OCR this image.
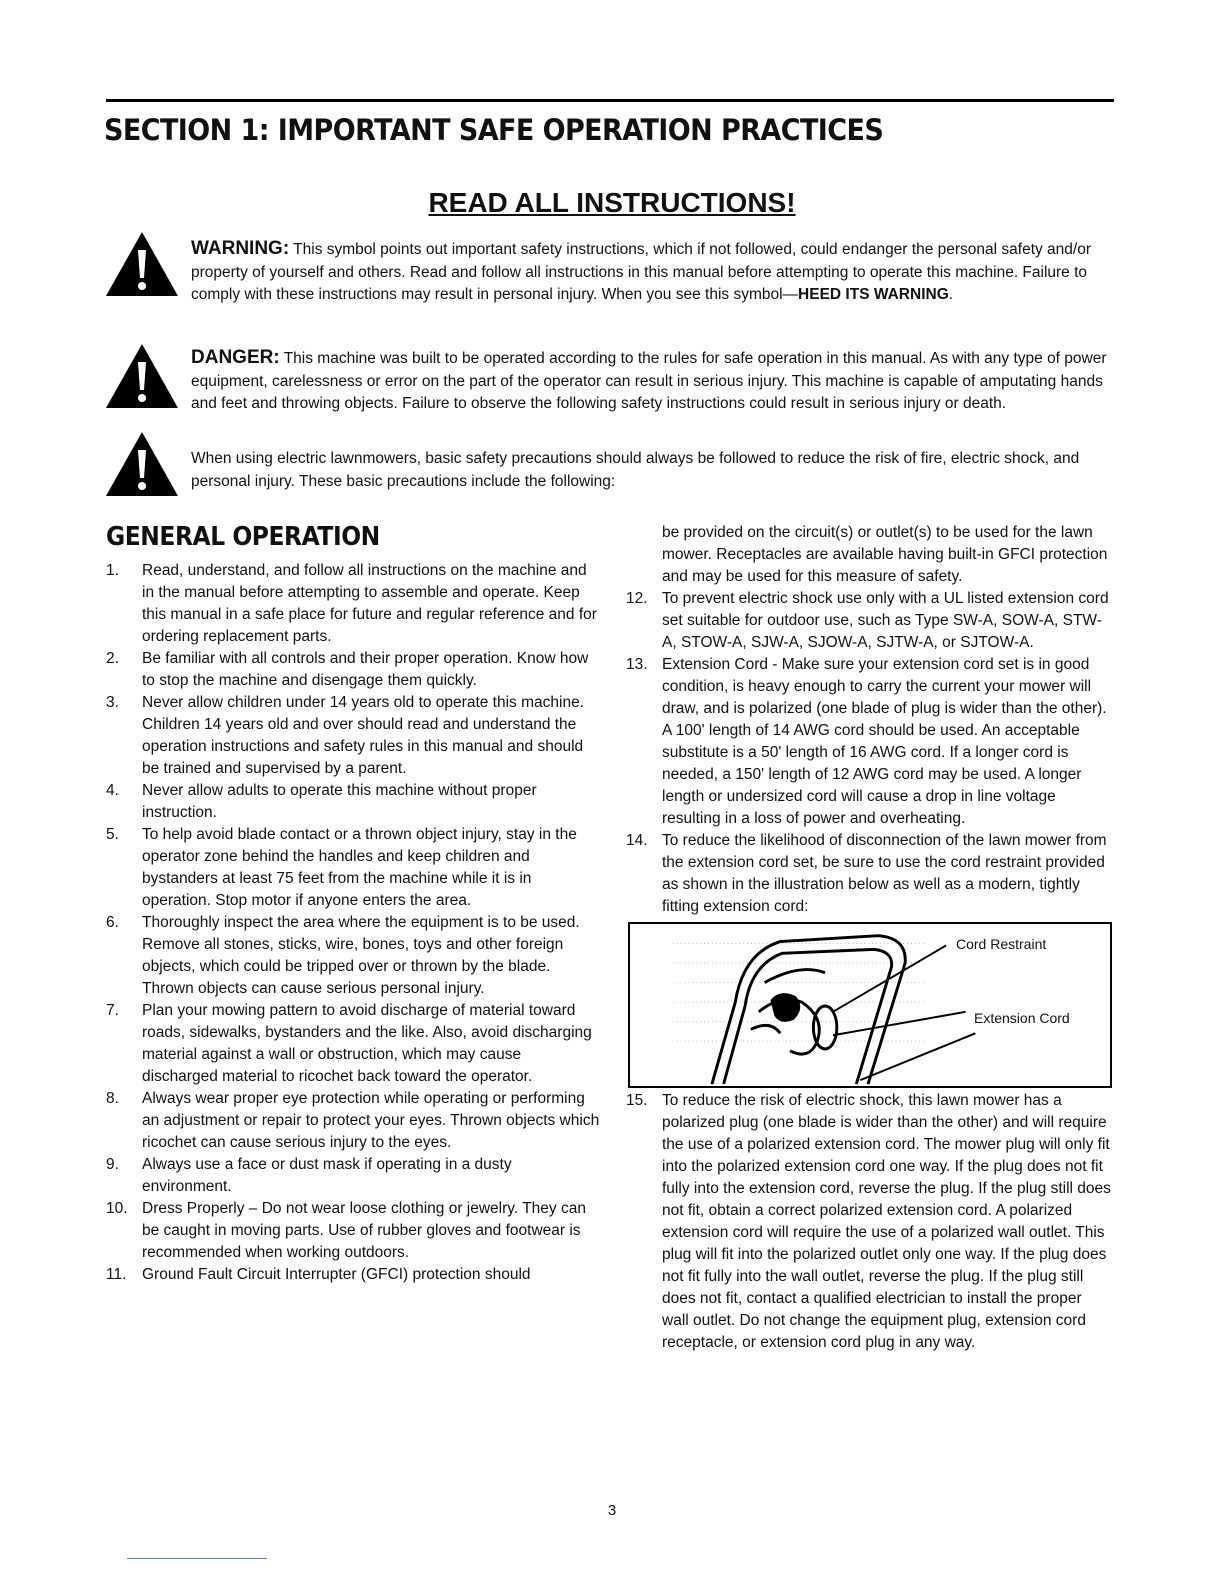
SECTION 1: IMPORTANT SAFE OPERATION PRACTICES
READ ALL INSTRUCTIONS!
WARNING: This symbol points out important safety instructions, which if not followed, could endanger the personal safety and/or property of yourself and others. Read and follow all instructions in this manual before attempting to operate this machine. Failure to comply with these instructions may result in personal injury. When you see this symbol—HEED ITS WARNING.
DANGER: This machine was built to be operated according to the rules for safe operation in this manual. As with any type of power equipment, carelessness or error on the part of the operator can result in serious injury. This machine is capable of amputating hands and feet and throwing objects. Failure to observe the following safety instructions could result in serious injury or death.
When using electric lawnmowers, basic safety precautions should always be followed to reduce the risk of fire, electric shock, and personal injury. These basic precautions include the following:
GENERAL OPERATION
1.	Read, understand, and follow all instructions on the machine and in the manual before attempting to assemble and operate. Keep this manual in a safe place for future and regular reference and for ordering replacement parts.
2.	Be familiar with all controls and their proper operation. Know how to stop the machine and disengage them quickly.
3.	Never allow children under 14 years old to operate this machine. Children 14 years old and over should read and understand the operation instructions and safety rules in this manual and should be trained and supervised by a parent.
4.	Never allow adults to operate this machine without proper instruction.
5.	To help avoid blade contact or a thrown object injury, stay in the operator zone behind the handles and keep children and bystanders at least 75 feet from the machine while it is in operation. Stop motor if anyone enters the area.
6.	Thoroughly inspect the area where the equipment is to be used. Remove all stones, sticks, wire, bones, toys and other foreign objects, which could be tripped over or thrown by the blade. Thrown objects can cause serious personal injury.
7.	Plan your mowing pattern to avoid discharge of material toward roads, sidewalks, bystanders and the like. Also, avoid discharging material against a wall or obstruction, which may cause discharged material to ricochet back toward the operator.
8.	Always wear proper eye protection while operating or performing an adjustment or repair to protect your eyes. Thrown objects which ricochet can cause serious injury to the eyes.
9.	Always use a face or dust mask if operating in a dusty environment.
10. Dress Properly – Do not wear loose clothing or jewelry. They can be caught in moving parts. Use of rubber gloves and footwear is recommended when working outdoors.
11.	Ground Fault Circuit Interrupter (GFCI) protection should
be provided on the circuit(s) or outlet(s) to be used for the lawn mower. Receptacles are available having built-in GFCI protection and may be used for this measure of safety.
12. To prevent electric shock use only with a UL listed extension cord set suitable for outdoor use, such as Type SW-A, SOW-A, STW-A, STOW-A, SJW-A, SJOW-A, SJTW-A, or SJTOW-A.
13. Extension Cord - Make sure your extension cord set is in good condition, is heavy enough to carry the current your mower will draw, and is polarized (one blade of plug is wider than the other). A 100' length of 14 AWG cord should be used. An acceptable substitute is a 50' length of 16 AWG cord. If a longer cord is needed, a 150' length of 12 AWG cord may be used. A longer length or undersized cord will cause a drop in line voltage resulting in a loss of power and overheating.
14. To reduce the likelihood of disconnection of the lawn mower from the extension cord set, be sure to use the cord restraint provided as shown in the illustration below as well as a modern, tightly fitting extension cord:
Cord Restraint
Extension Cord
15. To reduce the risk of electric shock, this lawn mower has a polarized plug (one blade is wider than the other) and will require the use of a polarized extension cord. The mower plug will only fit into the polarized extension cord one way. If the plug does not fit fully into the extension cord, reverse the plug. If the plug still does not fit, obtain a correct polarized extension cord. A polarized extension cord will require the use of a polarized wall outlet. This plug will fit into the polarized outlet only one way. If the plug does not fit fully into the wall outlet, reverse the plug. If the plug still does not fit, contact a qualified electrician to install the proper wall outlet. Do not change the equipment plug, extension cord receptacle, or extension cord plug in any way.
3
